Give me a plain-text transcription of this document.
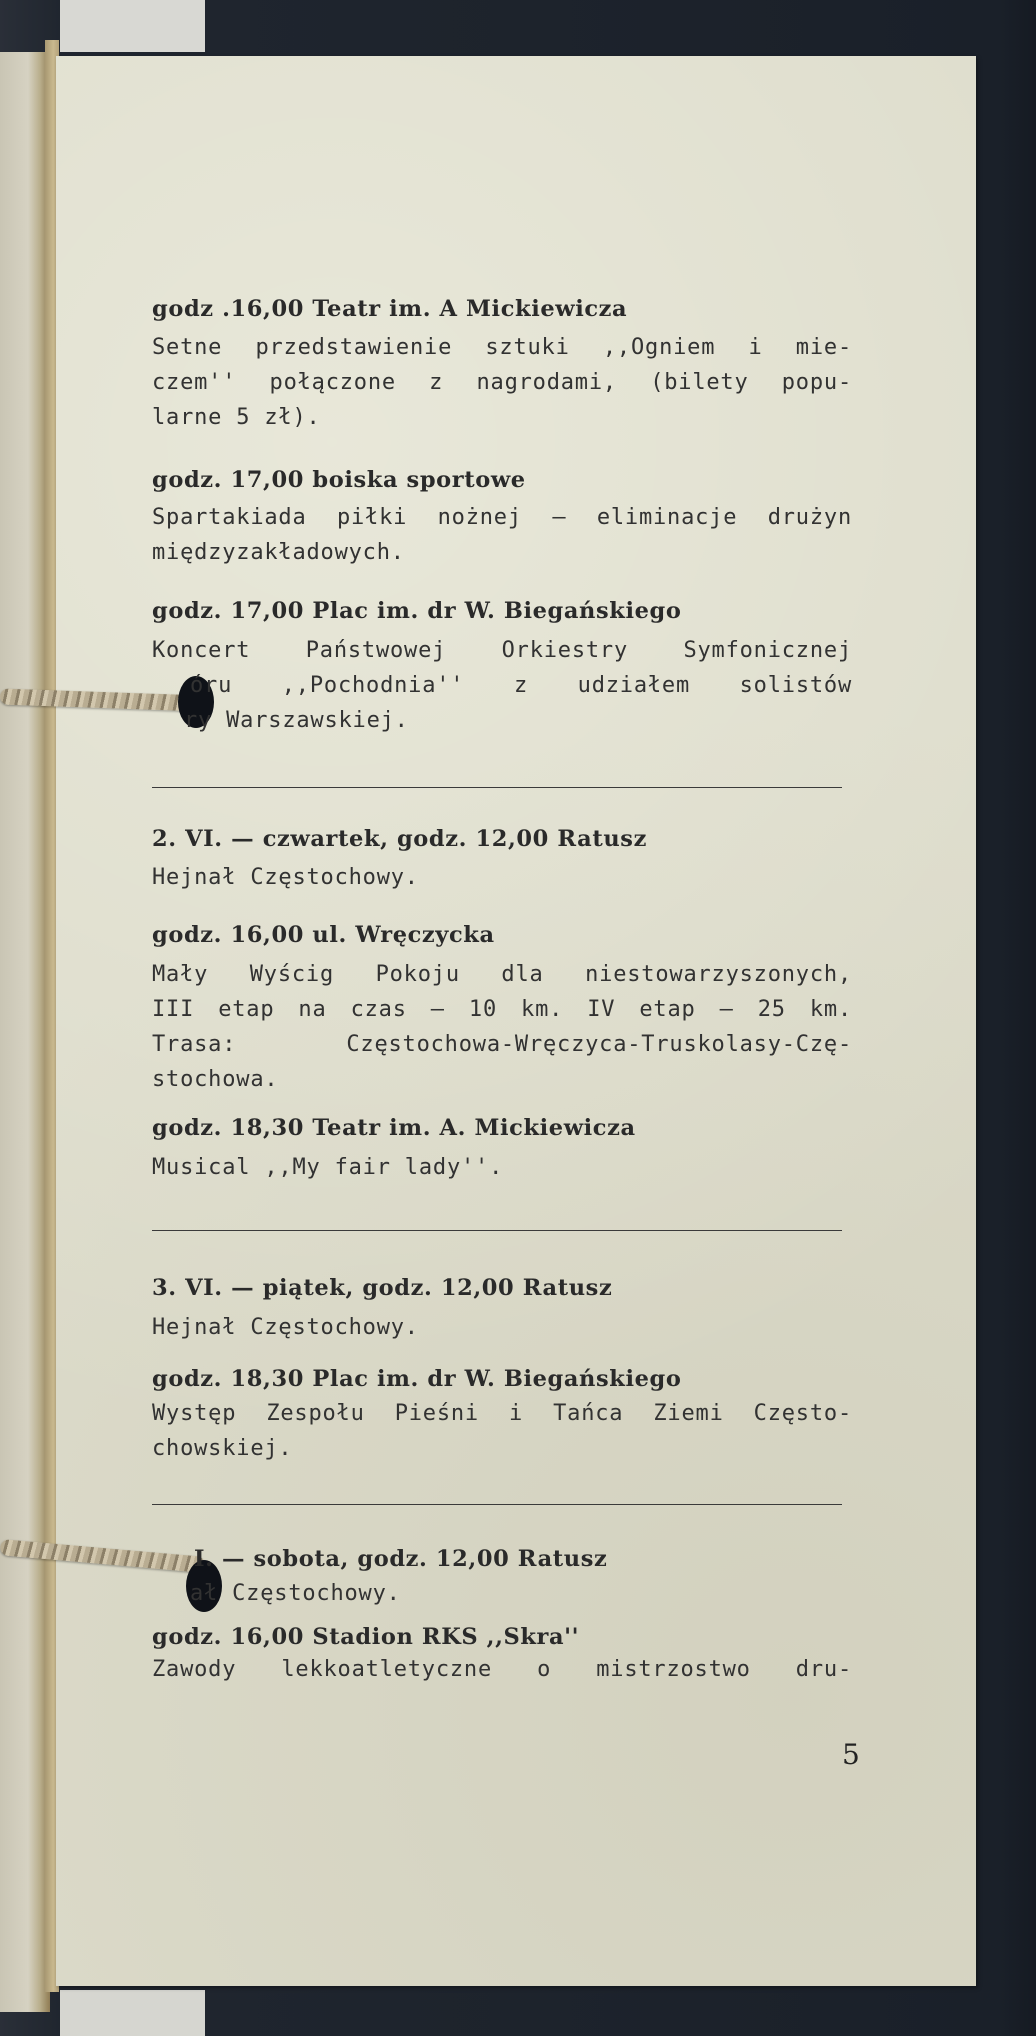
godz .16,00 Teatr im. A Mickiewicza
Setne przedstawienie sztuki ,,Ogniem i mie-
czem'' połączone z nagrodami, (bilety popu-
larne 5 zł).
godz. 17,00 boiska sportowe
Spartakiada piłki nożnej — eliminacje drużyn
międzyzakładowych.
godz. 17,00 Plac im. dr W. Biegańskiego
Koncert Państwowej Orkiestry Symfonicznej
óru ,,Pochodnia'' z udziałem solistów
ry Warszawskiej.
2. VI. — czwartek, godz. 12,00 Ratusz
Hejnał Częstochowy.
godz. 16,00 ul. Wręczycka
Mały Wyścig Pokoju dla niestowarzyszonych,
III etap na czas — 10 km. IV etap — 25 km.
Trasa: Częstochowa-Wręczyca-Truskolasy-Czę-
stochowa.
godz. 18,30 Teatr im. A. Mickiewicza
Musical ,,My fair lady''.
3. VI. — piątek, godz. 12,00 Ratusz
Hejnał Częstochowy.
godz. 18,30 Plac im. dr W. Biegańskiego
Występ Zespołu Pieśni i Tańca Ziemi Często-
chowskiej.
I. — sobota, godz. 12,00 Ratusz
ał Częstochowy.
godz. 16,00 Stadion RKS ,,Skra''
Zawody lekkoatletyczne o mistrzostwo dru-
5
